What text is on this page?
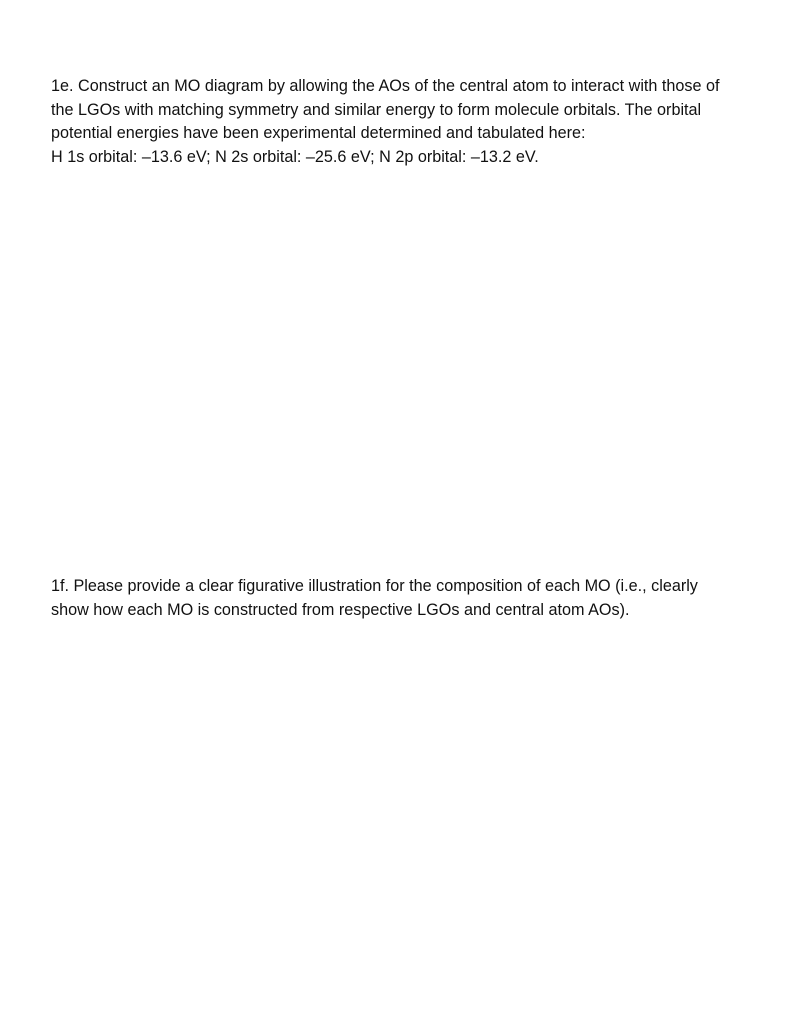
1e. Construct an MO diagram by allowing the AOs of the central atom to interact with those of

the LGOs with matching symmetry and similar energy to form molecule orbitals. The orbital

potential energies have been experimental determined and tabulated here:

H 1s orbital: –13.6 eV; N 2s orbital: –25.6 eV; N 2p orbital: –13.2 eV.

1f. Please provide a clear figurative illustration for the composition of each MO (i.e., clearly

show how each MO is constructed from respective LGOs and central atom AOs).
